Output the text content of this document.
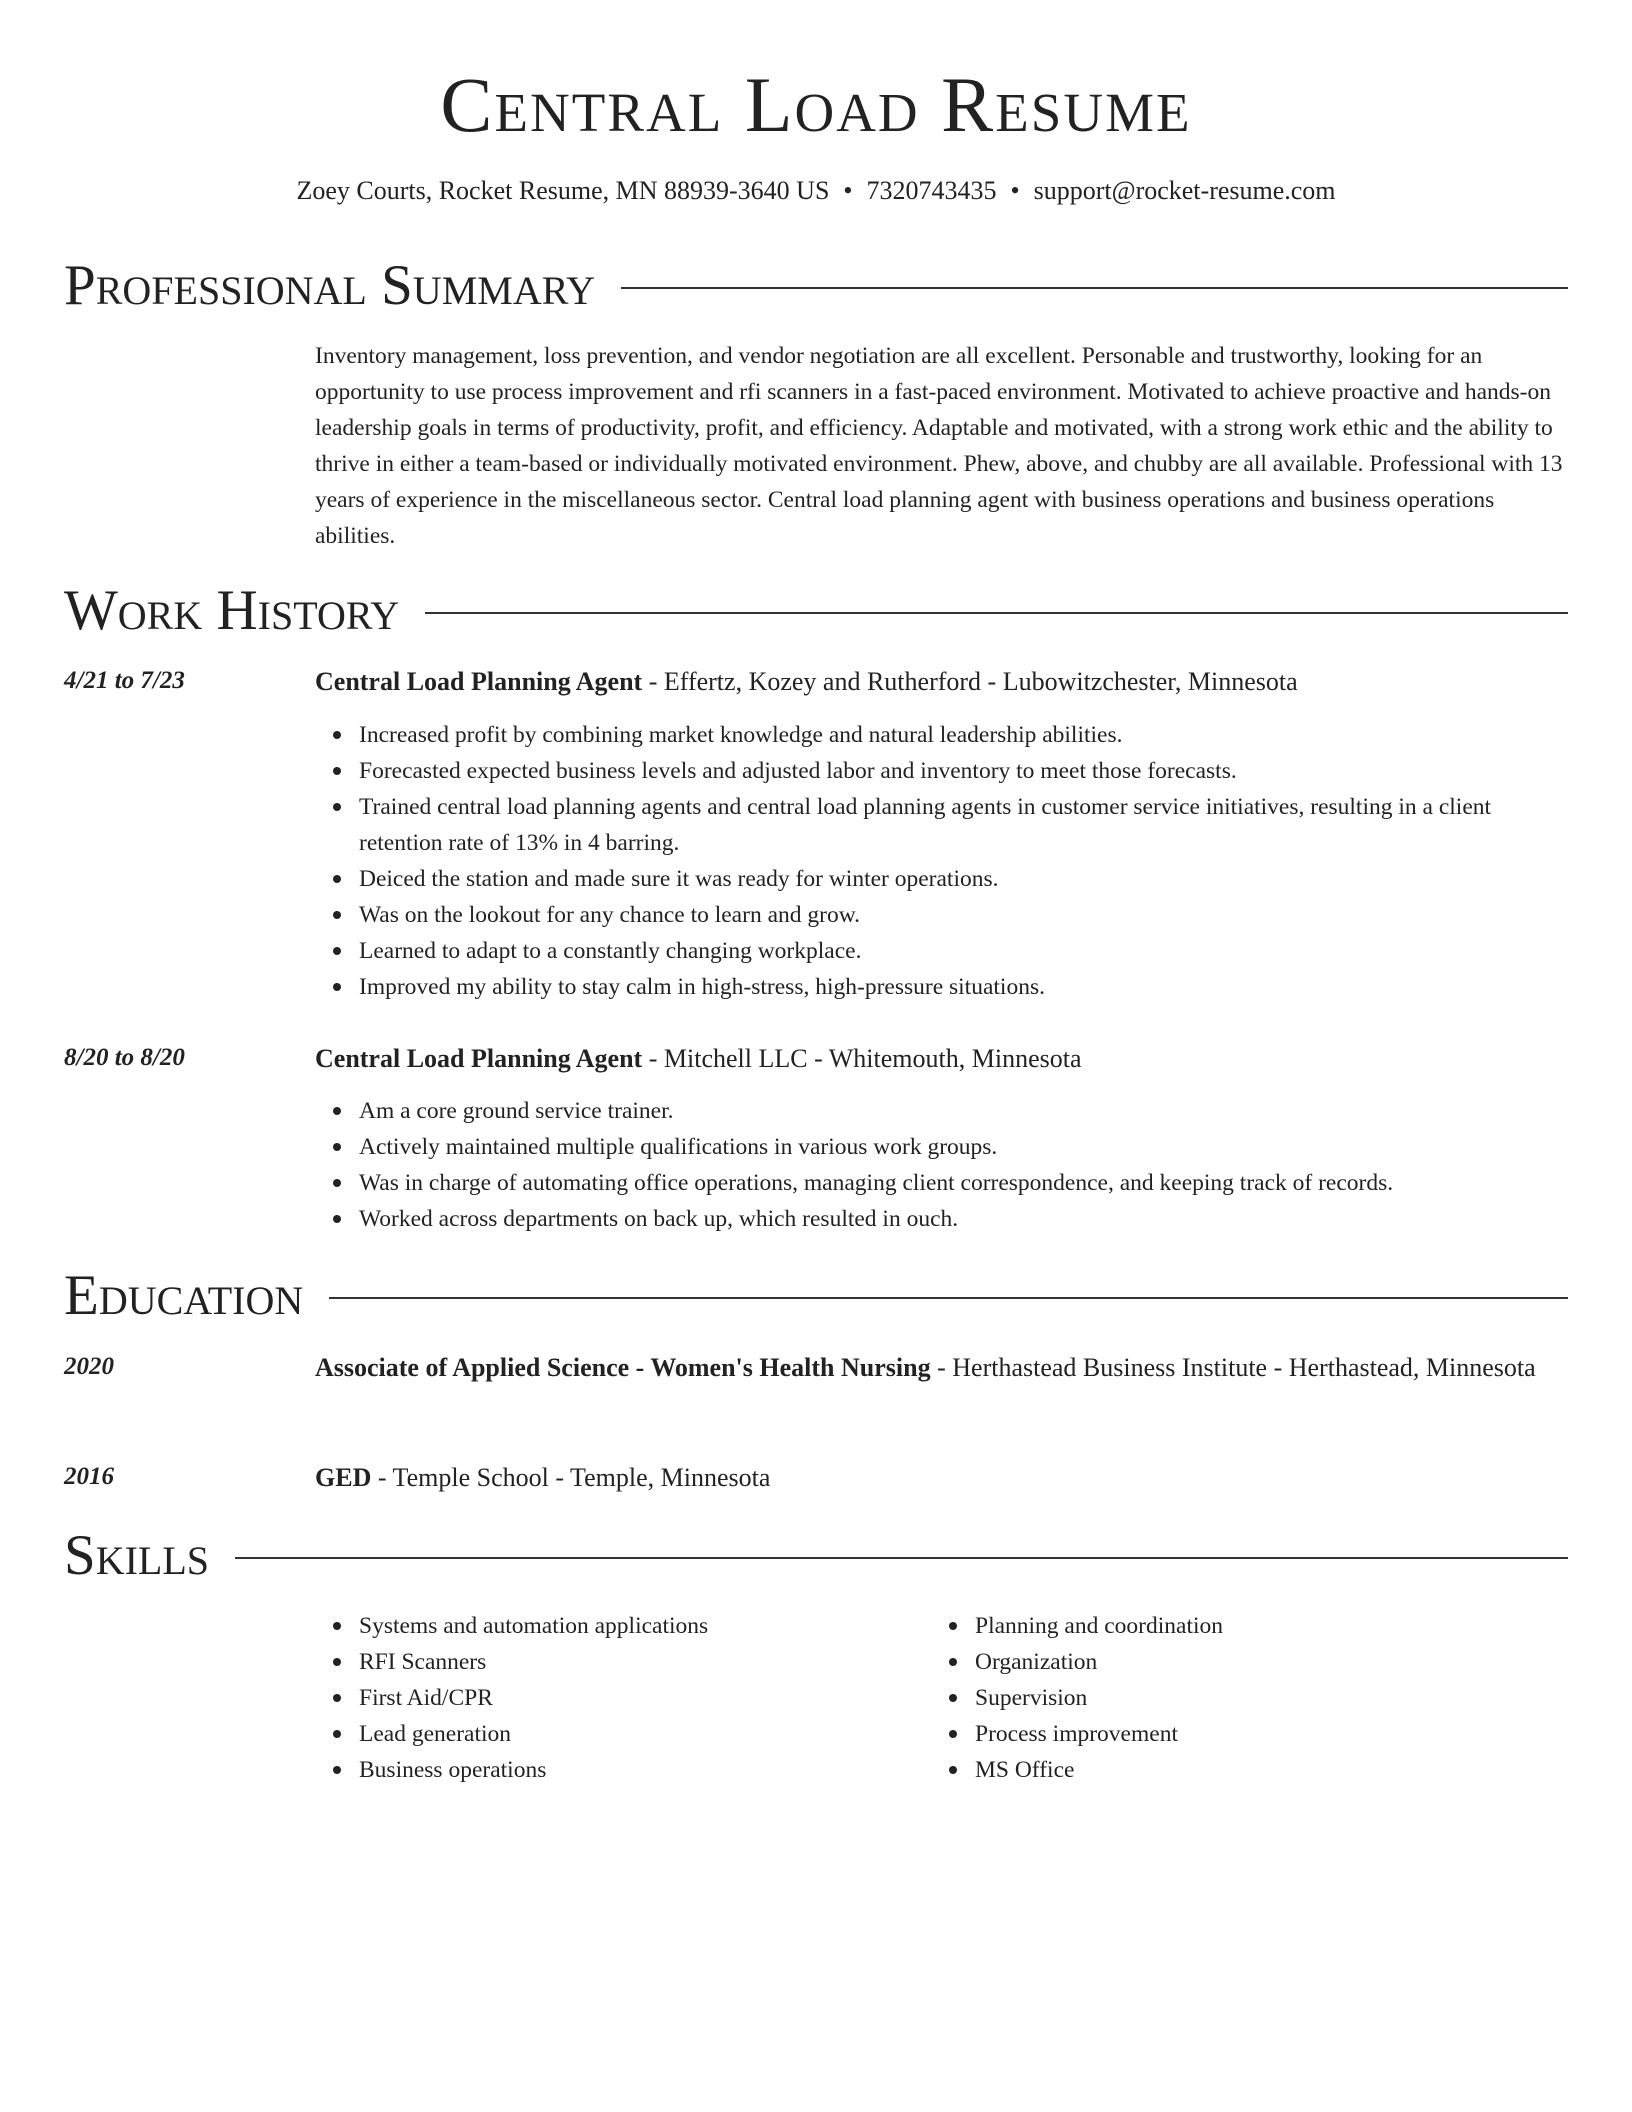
Central Load Resume
Zoey Courts, Rocket Resume, MN 88939-3640 US • 7320743435 • support@rocket-resume.com
Professional Summary
Inventory management, loss prevention, and vendor negotiation are all excellent. Personable and trustworthy, looking for an opportunity to use process improvement and rfi scanners in a fast-paced environment. Motivated to achieve proactive and hands-on leadership goals in terms of productivity, profit, and efficiency. Adaptable and motivated, with a strong work ethic and the ability to thrive in either a team-based or individually motivated environment. Phew, above, and chubby are all available. Professional with 13 years of experience in the miscellaneous sector. Central load planning agent with business operations and business operations abilities.
Work History
4/21 to 7/23	Central Load Planning Agent - Effertz, Kozey and Rutherford - Lubowitzchester, Minnesota
Increased profit by combining market knowledge and natural leadership abilities.
Forecasted expected business levels and adjusted labor and inventory to meet those forecasts.
Trained central load planning agents and central load planning agents in customer service initiatives, resulting in a client retention rate of 13% in 4 barring.
Deiced the station and made sure it was ready for winter operations.
Was on the lookout for any chance to learn and grow.
Learned to adapt to a constantly changing workplace.
Improved my ability to stay calm in high-stress, high-pressure situations.
8/20 to 8/20	Central Load Planning Agent - Mitchell LLC - Whitemouth, Minnesota
Am a core ground service trainer.
Actively maintained multiple qualifications in various work groups.
Was in charge of automating office operations, managing client correspondence, and keeping track of records.
Worked across departments on back up, which resulted in ouch.
Education
2020	Associate of Applied Science - Women's Health Nursing - Herthastead Business Institute - Herthastead, Minnesota
2016	GED - Temple School - Temple, Minnesota
Skills
Systems and automation applications
RFI Scanners
First Aid/CPR
Lead generation
Business operations
Planning and coordination
Organization
Supervision
Process improvement
MS Office
